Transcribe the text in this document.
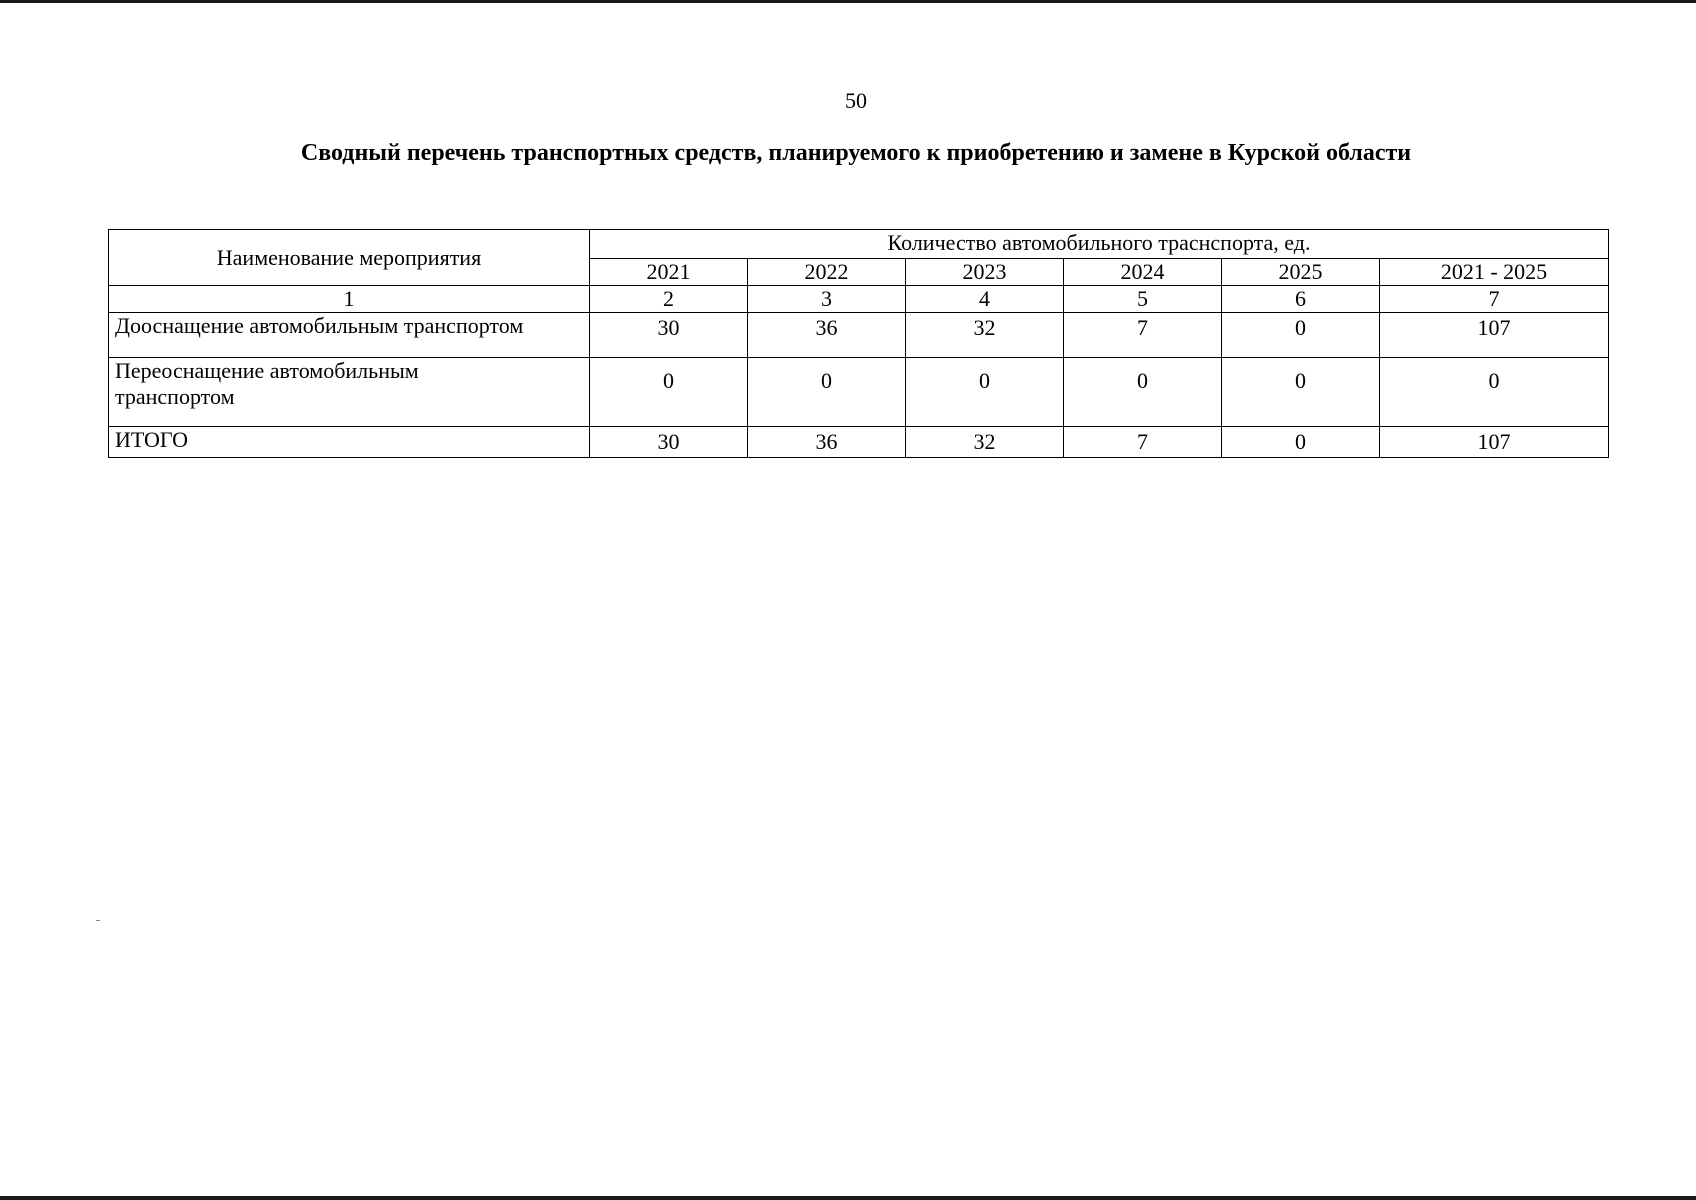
50
Сводный перечень транспортных средств, планируемого к приобретению и замене в Курской области
Наименование мероприятия	Количество автомобильного траснспорта, ед.					
	2021	2022	2023	2024	2025	2021 - 2025
1	2	3	4	5	6	7
Дооснащение автомобильным транспортом	30	36	32	7	0	107
Переоснащение автомобильным транспортом	0	0	0	0	0	0
ИТОГО	30	36	32	7	0	107
